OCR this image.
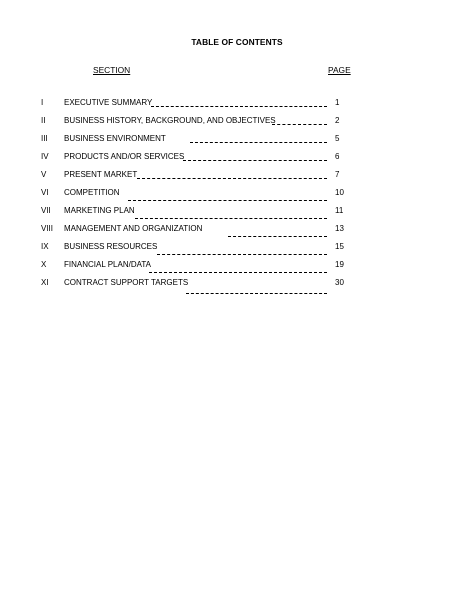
TABLE OF CONTENTS
SECTION	PAGE
I	EXECUTIVE SUMMARY	1
II BUSINESS HISTORY, BACKGROUND, AND OBJECTIVES	2
III BUSINESS ENVIRONMENT	5
IV PRODUCTS AND/OR SERVICES	6
V PRESENT MARKET	7
VI COMPETITION	10
VII MARKETING PLAN	11
VIII MANAGEMENT AND ORGANIZATION	13
IX BUSINESS RESOURCES	15
X FINANCIAL PLAN/DATA	19
XI CONTRACT SUPPORT TARGETS	30
